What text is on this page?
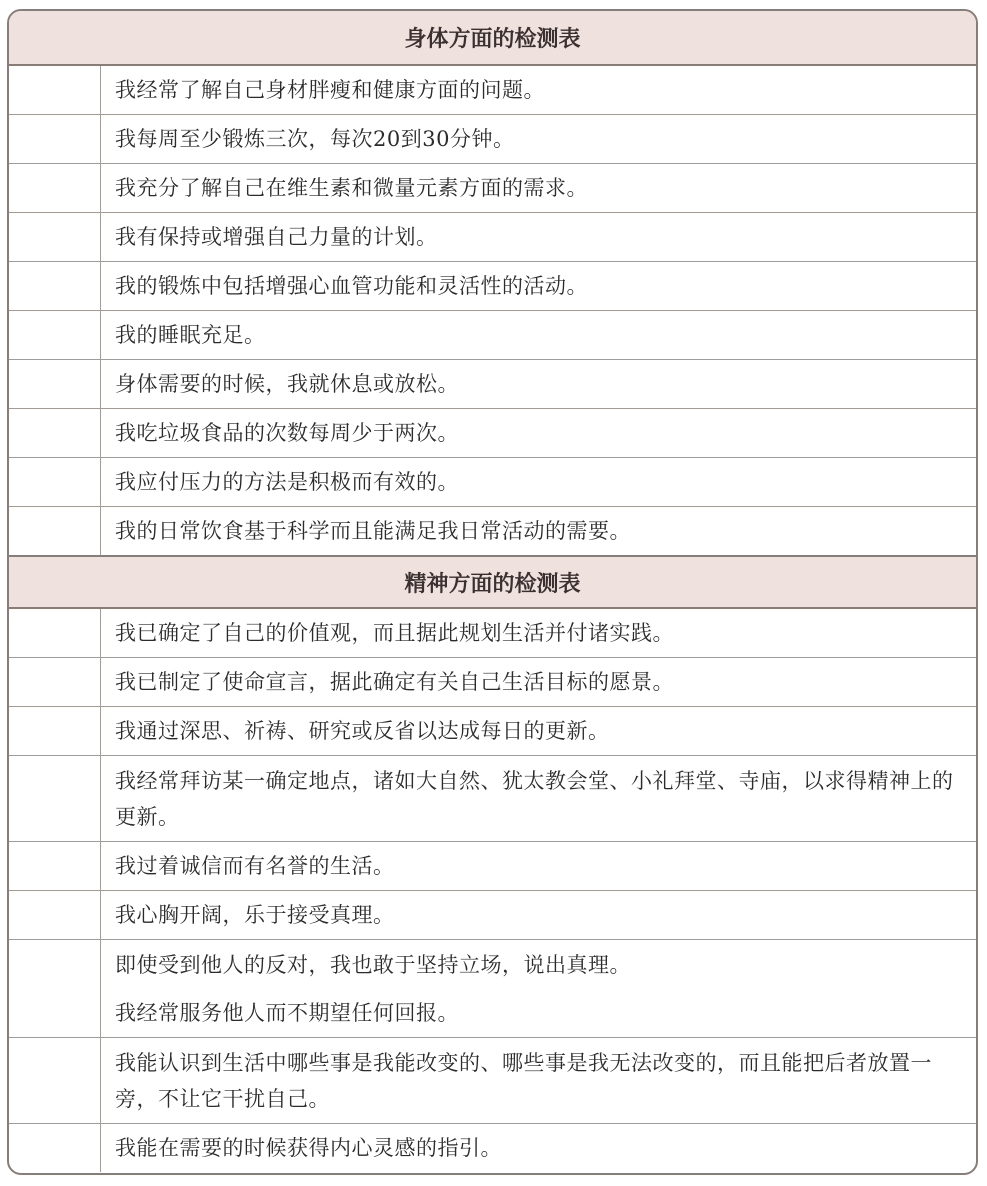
身体方面的检测表
我经常了解自己身材胖瘦和健康方面的问题。
我每周至少锻炼三次，每次20到30分钟。
我充分了解自己在维生素和微量元素方面的需求。
我有保持或增强自己力量的计划。
我的锻炼中包括增强心血管功能和灵活性的活动。
我的睡眠充足。
身体需要的时候，我就休息或放松。
我吃垃圾食品的次数每周少于两次。
我应付压力的方法是积极而有效的。
我的日常饮食基于科学而且能满足我日常活动的需要。
精神方面的检测表
我已确定了自己的价值观，而且据此规划生活并付诸实践。
我已制定了使命宣言，据此确定有关自己生活目标的愿景。
我通过深思、祈祷、研究或反省以达成每日的更新。
我经常拜访某一确定地点，诸如大自然、犹太教会堂、小礼拜堂、寺庙，以求得精神上的更新。
我过着诚信而有名誉的生活。
我心胸开阔，乐于接受真理。
即使受到他人的反对，我也敢于坚持立场，说出真理。
我经常服务他人而不期望任何回报。
我能认识到生活中哪些事是我能改变的、哪些事是我无法改变的，而且能把后者放置一旁，不让它干扰自己。
我能在需要的时候获得内心灵感的指引。
